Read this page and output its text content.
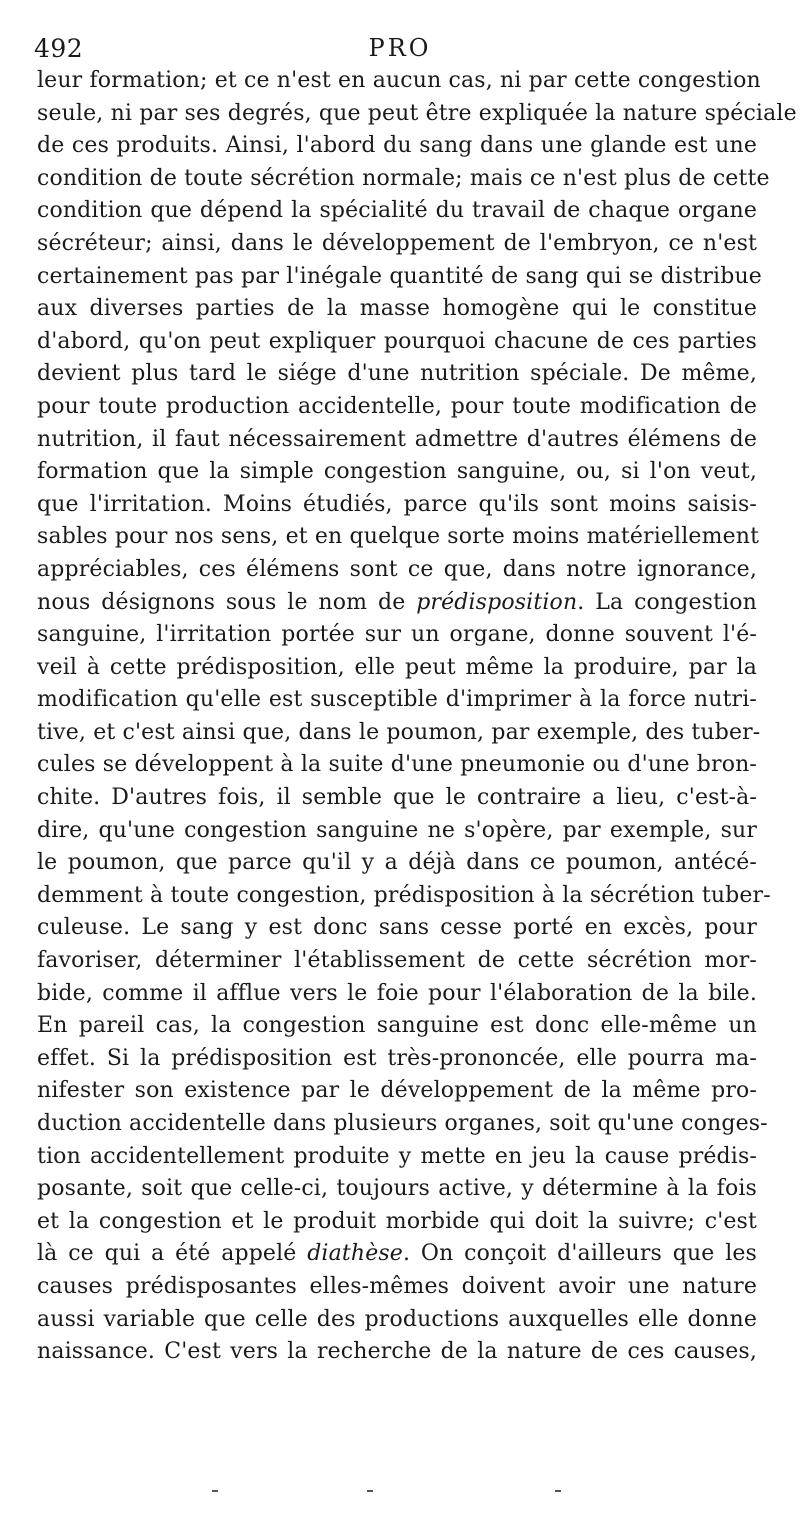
492	PRO
leur formation; et ce n'est en aucun cas, ni par cette congestion
seule, ni par ses degrés, que peut être expliquée la nature spéciale
de ces produits. Ainsi, l'abord du sang dans une glande est une
condition de toute sécrétion normale; mais ce n'est plus de cette
condition que dépend la spécialité du travail de chaque organe
sécréteur; ainsi, dans le développement de l'embryon, ce n'est
certainement pas par l'inégale quantité de sang qui se distribue
aux diverses parties de la masse homogène qui le constitue
d'abord, qu'on peut expliquer pourquoi chacune de ces parties
devient plus tard le siége d'une nutrition spéciale. De même,
pour toute production accidentelle, pour toute modification de
nutrition, il faut nécessairement admettre d'autres élémens de
formation que la simple congestion sanguine, ou, si l'on veut,
que l'irritation. Moins étudiés, parce qu'ils sont moins saisis-
sables pour nos sens, et en quelque sorte moins matériellement
appréciables, ces élémens sont ce que, dans notre ignorance,
nous désignons sous le nom de prédisposition. La congestion
sanguine, l'irritation portée sur un organe, donne souvent l'é-
veil à cette prédisposition, elle peut même la produire, par la
modification qu'elle est susceptible d'imprimer à la force nutri-
tive, et c'est ainsi que, dans le poumon, par exemple, des tuber-
cules se développent à la suite d'une pneumonie ou d'une bron-
chite. D'autres fois, il semble que le contraire a lieu, c'est-à-
dire, qu'une congestion sanguine ne s'opère, par exemple, sur
le poumon, que parce qu'il y a déjà dans ce poumon, antécé-
demment à toute congestion, prédisposition à la sécrétion tuber-
culeuse. Le sang y est donc sans cesse porté en excès, pour
favoriser, déterminer l'établissement de cette sécrétion mor-
bide, comme il afflue vers le foie pour l'élaboration de la bile.
En pareil cas, la congestion sanguine est donc elle-même un
effet. Si la prédisposition est très-prononcée, elle pourra ma-
nifester son existence par le développement de la même pro-
duction accidentelle dans plusieurs organes, soit qu'une conges-
tion accidentellement produite y mette en jeu la cause prédis-
posante, soit que celle-ci, toujours active, y détermine à la fois
et la congestion et le produit morbide qui doit la suivre; c'est
là ce qui a été appelé diathèse. On conçoit d'ailleurs que les
causes prédisposantes elles-mêmes doivent avoir une nature
aussi variable que celle des productions auxquelles elle donne
naissance. C'est vers la recherche de la nature de ces causes,
